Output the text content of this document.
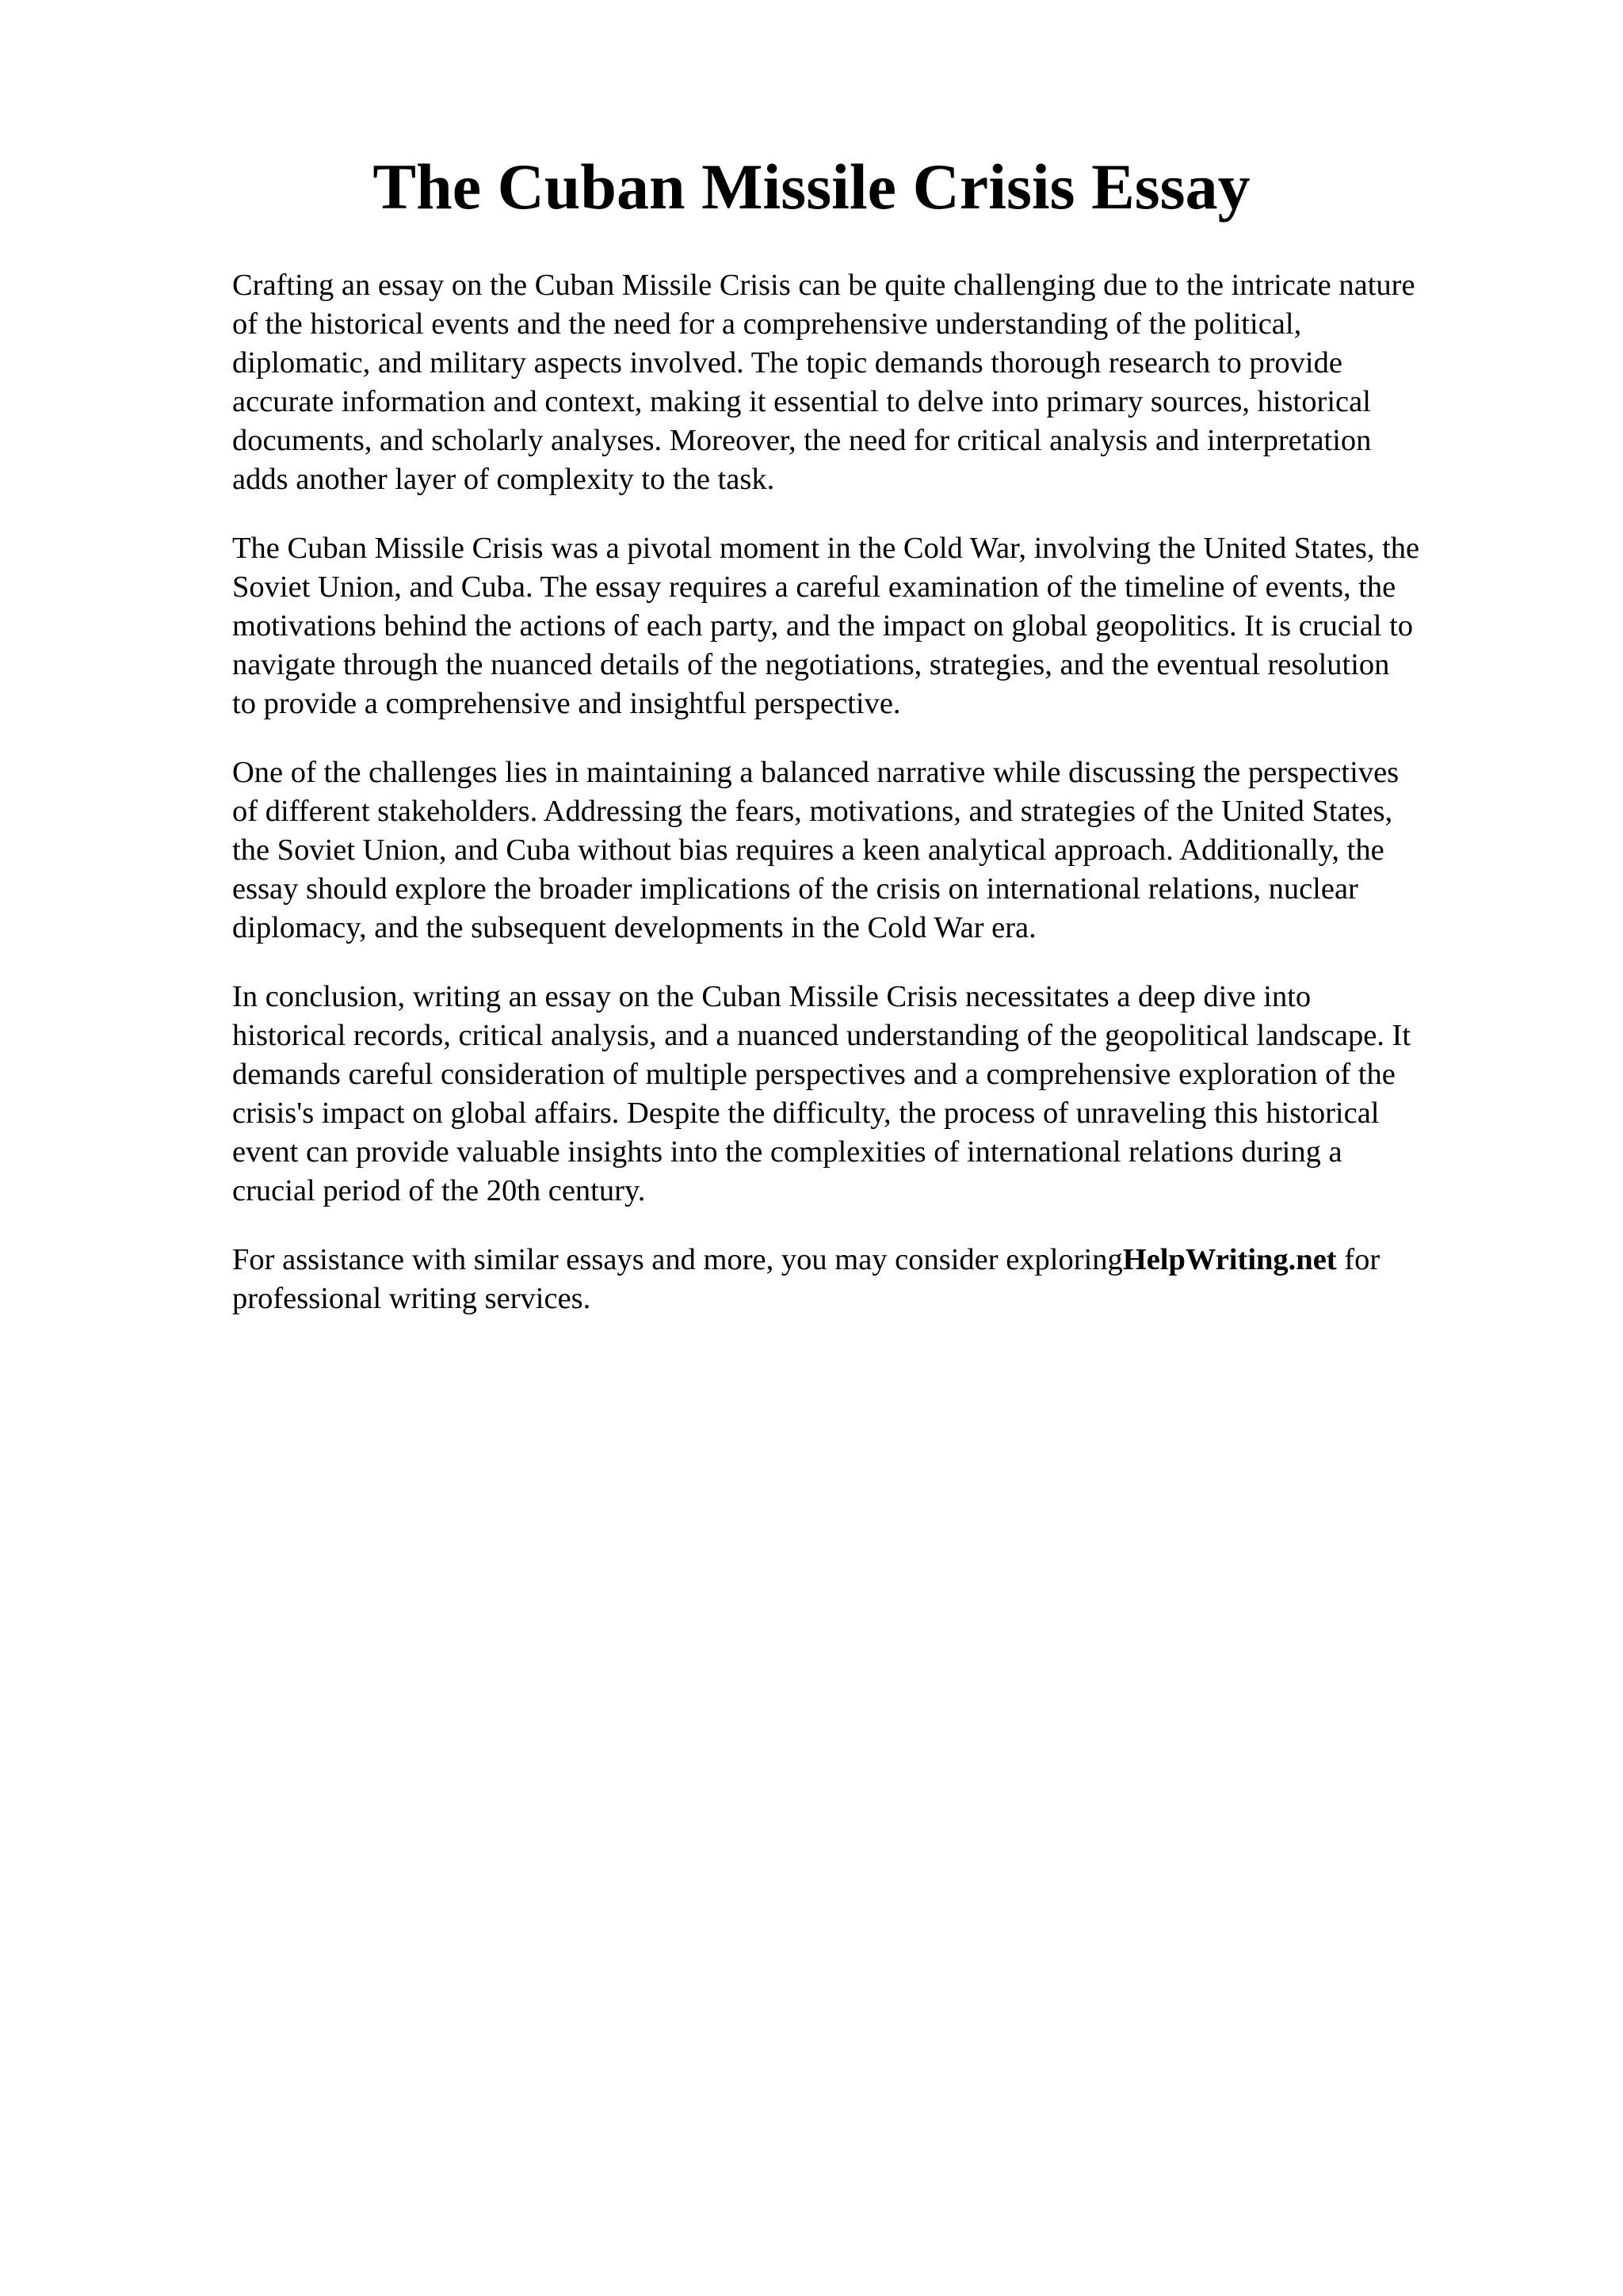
The Cuban Missile Crisis Essay

Crafting an essay on the Cuban Missile Crisis can be quite challenging due to the intricate nature
of the historical events and the need for a comprehensive understanding of the political,
diplomatic, and military aspects involved. The topic demands thorough research to provide
accurate information and context, making it essential to delve into primary sources, historical
documents, and scholarly analyses. Moreover, the need for critical analysis and interpretation
adds another layer of complexity to the task.

The Cuban Missile Crisis was a pivotal moment in the Cold War, involving the United States, the
Soviet Union, and Cuba. The essay requires a careful examination of the timeline of events, the
motivations behind the actions of each party, and the impact on global geopolitics. It is crucial to
navigate through the nuanced details of the negotiations, strategies, and the eventual resolution
to provide a comprehensive and insightful perspective.

One of the challenges lies in maintaining a balanced narrative while discussing the perspectives
of different stakeholders. Addressing the fears, motivations, and strategies of the United States,
the Soviet Union, and Cuba without bias requires a keen analytical approach. Additionally, the
essay should explore the broader implications of the crisis on international relations, nuclear
diplomacy, and the subsequent developments in the Cold War era.

In conclusion, writing an essay on the Cuban Missile Crisis necessitates a deep dive into
historical records, critical analysis, and a nuanced understanding of the geopolitical landscape. It
demands careful consideration of multiple perspectives and a comprehensive exploration of the
crisis's impact on global affairs. Despite the difficulty, the process of unraveling this historical
event can provide valuable insights into the complexities of international relations during a
crucial period of the 20th century.

For assistance with similar essays and more, you may consider exploringHelpWriting.net for
professional writing services.
